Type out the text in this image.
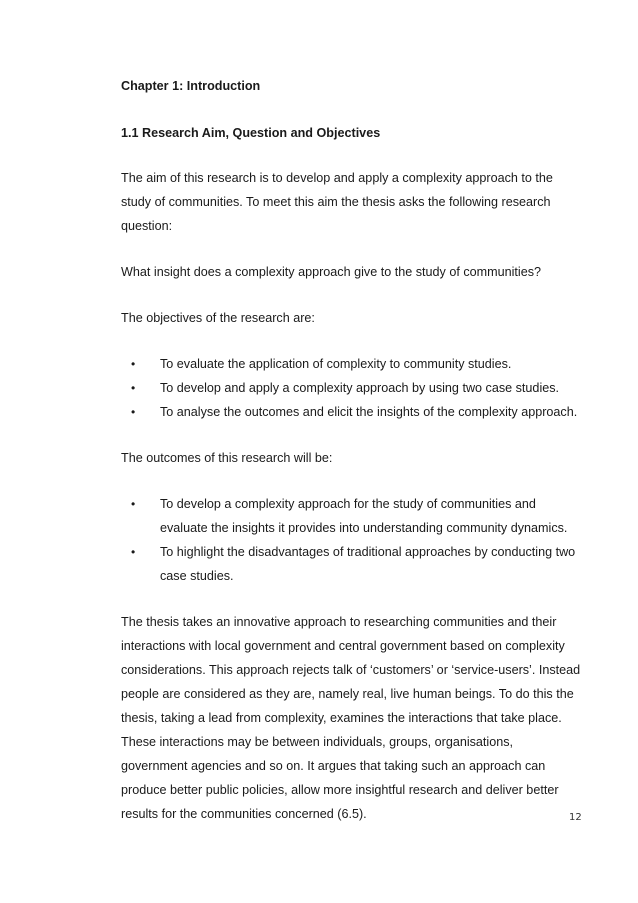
Chapter 1: Introduction

1.1 Research Aim, Question and Objectives

The aim of this research is to develop and apply a complexity approach to the

study of communities. To meet this aim the thesis asks the following research

question:

What insight does a complexity approach give to the study of communities?

The objectives of the research are:

• To evaluate the application of complexity to community studies.

• To develop and apply a complexity approach by using two case studies.

• To analyse the outcomes and elicit the insights of the complexity approach.

The outcomes of this research will be:

• To develop a complexity approach for the study of communities and

evaluate the insights it provides into understanding community dynamics.

• To highlight the disadvantages of traditional approaches by conducting two

case studies.

The thesis takes an innovative approach to researching communities and their

interactions with local government and central government based on complexity

considerations. This approach rejects talk of ‘customers’ or ‘service-users’. Instead

people are considered as they are, namely real, live human beings. To do this the

thesis, taking a lead from complexity, examines the interactions that take place.

These interactions may be between individuals, groups, organisations,

government agencies and so on. It argues that taking such an approach can

produce better public policies, allow more insightful research and deliver better

results for the communities concerned (6.5).	12
